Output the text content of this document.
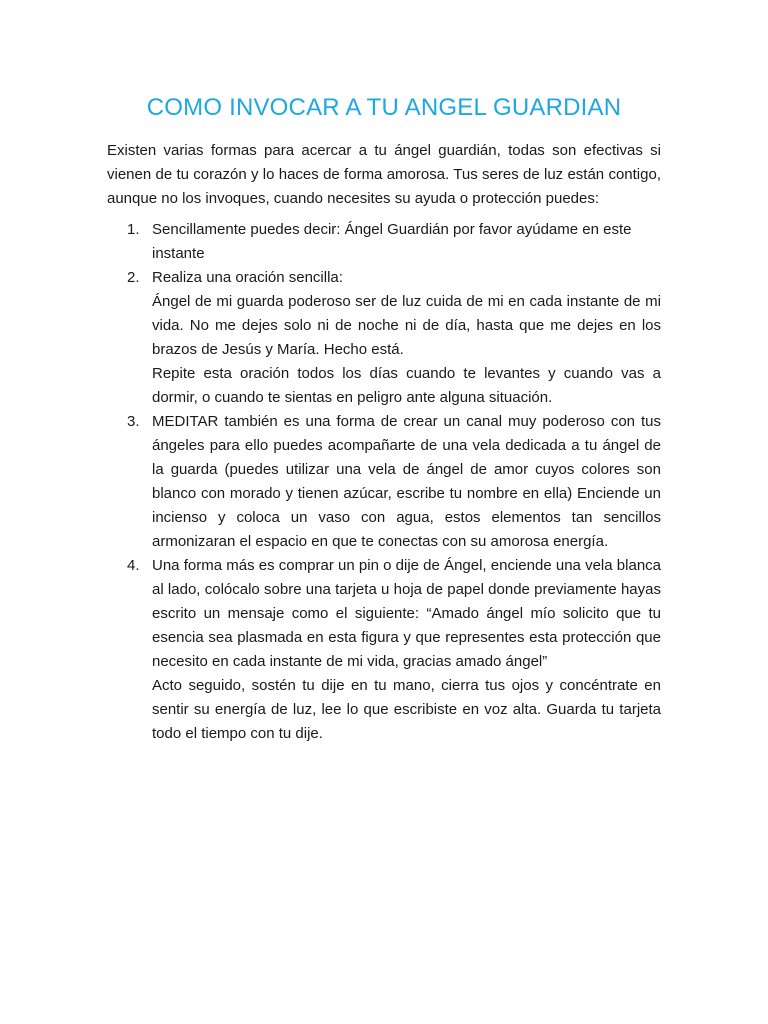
COMO INVOCAR A TU ANGEL GUARDIAN

Existen varias formas para acercar a tu ángel guardián, todas son efectivas si vienen de tu corazón y lo haces de forma amorosa. Tus seres de luz están contigo, aunque no los invoques, cuando necesites su ayuda o protección puedes:

1. Sencillamente puedes decir: Ángel Guardián por favor ayúdame en este instante

2. Realiza una oración sencilla:

Ángel de mi guarda poderoso ser de luz cuida de mi en cada instante de mi vida. No me dejes solo ni de noche ni de día, hasta que me dejes en los brazos de Jesús y María. Hecho está.

Repite esta oración todos los días cuando te levantes y cuando vas a dormir, o cuando te sientas en peligro ante alguna situación.

3. MEDITAR también es una forma de crear un canal muy poderoso con tus ángeles para ello puedes acompañarte de una vela dedicada a tu ángel de la guarda (puedes utilizar una vela de ángel de amor cuyos colores son blanco con morado y tienen azúcar, escribe tu nombre en ella) Enciende un incienso y coloca un vaso con agua, estos elementos tan sencillos armonizaran el espacio en que te conectas con su amorosa energía.

4. Una forma más es comprar un pin o dije de Ángel, enciende una vela blanca al lado, colócalo sobre una tarjeta u hoja de papel donde previamente hayas escrito un mensaje como el siguiente: “Amado ángel mío solicito que tu esencia sea plasmada en esta figura y que representes esta protección que necesito en cada instante de mi vida, gracias amado ángel”

Acto seguido, sostén tu dije en tu mano, cierra tus ojos y concéntrate en sentir su energía de luz, lee lo que escribiste en voz alta. Guarda tu tarjeta todo el tiempo con tu dije.
